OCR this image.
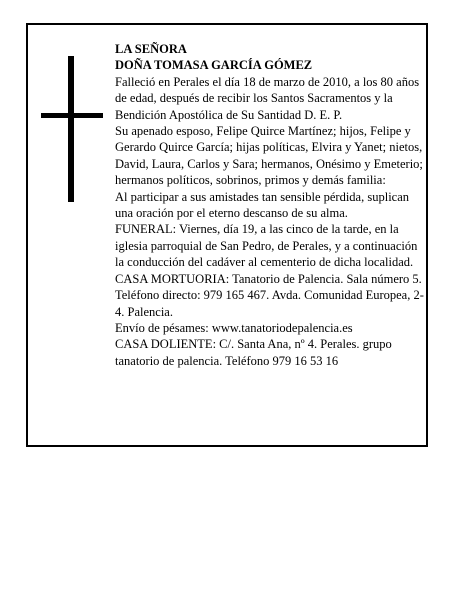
LA SEÑORA

DOÑA TOMASA GARCÍA GÓMEZ

Falleció en Perales el día 18 de marzo de 2010, a los 80 años de edad, después de recibir los Santos Sacramentos y la Bendición Apostólica de Su Santidad D. E. P.

Su apenado esposo, Felipe Quirce Martínez; hijos, Felipe y Gerardo Quirce García; hijas políticas, Elvira y Yanet; nietos, David, Laura, Carlos y Sara; hermanos, Onésimo y Emeterio; hermanos políticos, sobrinos, primos y demás familia:

Al participar a sus amistades tan sensible pérdida, suplican una oración por el eterno descanso de su alma.

FUNERAL: Viernes, día 19, a las cinco de la tarde, en la iglesia parroquial de San Pedro, de Perales, y a continuación la conducción del cadáver al cementerio de dicha localidad.

CASA MORTUORIA: Tanatorio de Palencia. Sala número 5. Teléfono directo: 979 165 467. Avda. Comunidad Europea, 2-4. Palencia.

Envío de pésames: www.tanatoriodepalencia.es

CASA DOLIENTE: C/. Santa Ana, nº 4. Perales. grupo tanatorio de palencia. Teléfono 979 16 53 16
